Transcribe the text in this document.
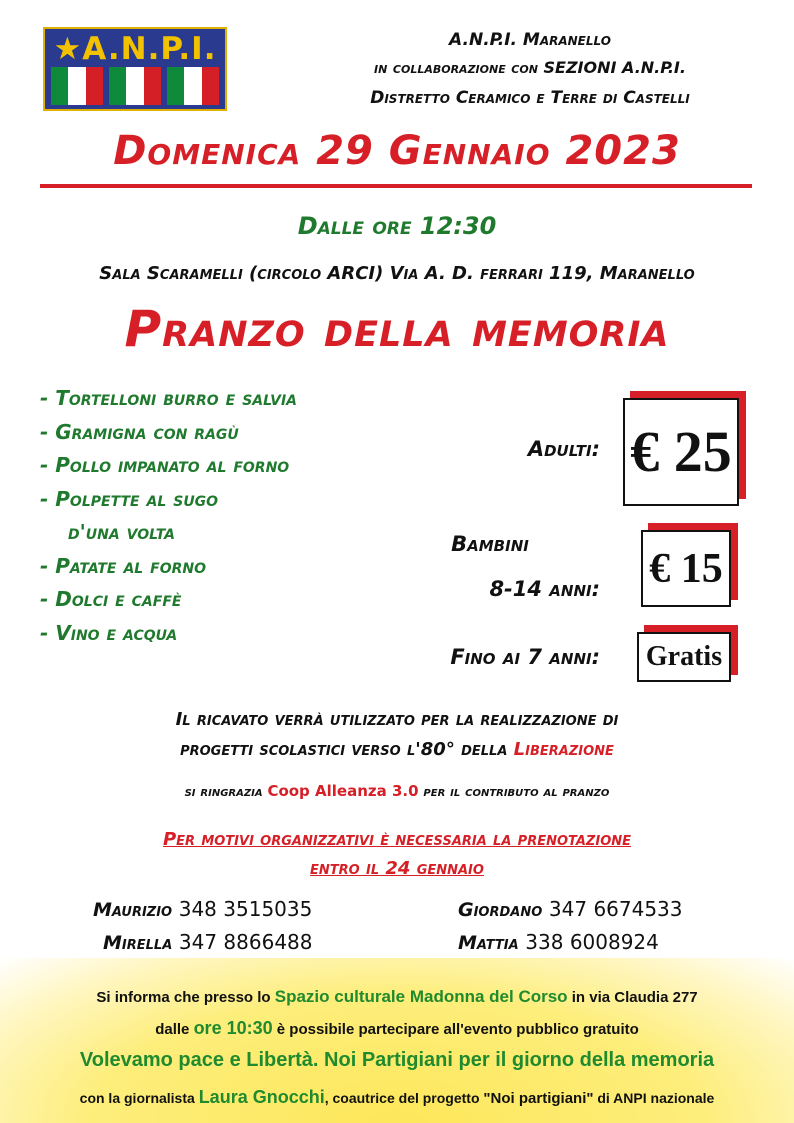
★A.N.P.I.	A.N.P.I. Maranello
in collaborazione con SEZIONI A.N.P.I.
Distretto Ceramico e Terre di Castelli
Domenica 29 Gennaio 2023
Dalle ore 12:30
Sala Scaramelli (circolo ARCI) Via A. D. ferrari 119, Maranello
Pranzo della memoria
- Tortelloni burro e salvia
- Gramigna con ragù
- Pollo impanato al forno
- Polpette al sugo
d'una volta
- Patate al forno
- Dolci e caffè
- Vino e acqua
Adulti: € 25
Bambini
8-14 anni: € 15
Fino ai 7 anni:	Gratis
Il ricavato verrà utilizzato per la realizzazione di
progetti scolastici verso l'80° della Liberazione
si ringrazia Coop Alleanza 3.0 per il contributo al pranzo
Per motivi organizzativi è necessaria la prenotazione
entro il 24 gennaio
Maurizio 348 3515035	Giordano 347 6674533
Mirella 347 8866488	Mattia 338 6008924
Si informa che presso lo Spazio culturale Madonna del Corso in via Claudia 277
dalle ore 10:30 è possibile partecipare all'evento pubblico gratuito
Volevamo pace e Libertà. Noi Partigiani per il giorno della memoria
con la giornalista Laura Gnocchi, coautrice del progetto "Noi partigiani" di ANPI nazionale
